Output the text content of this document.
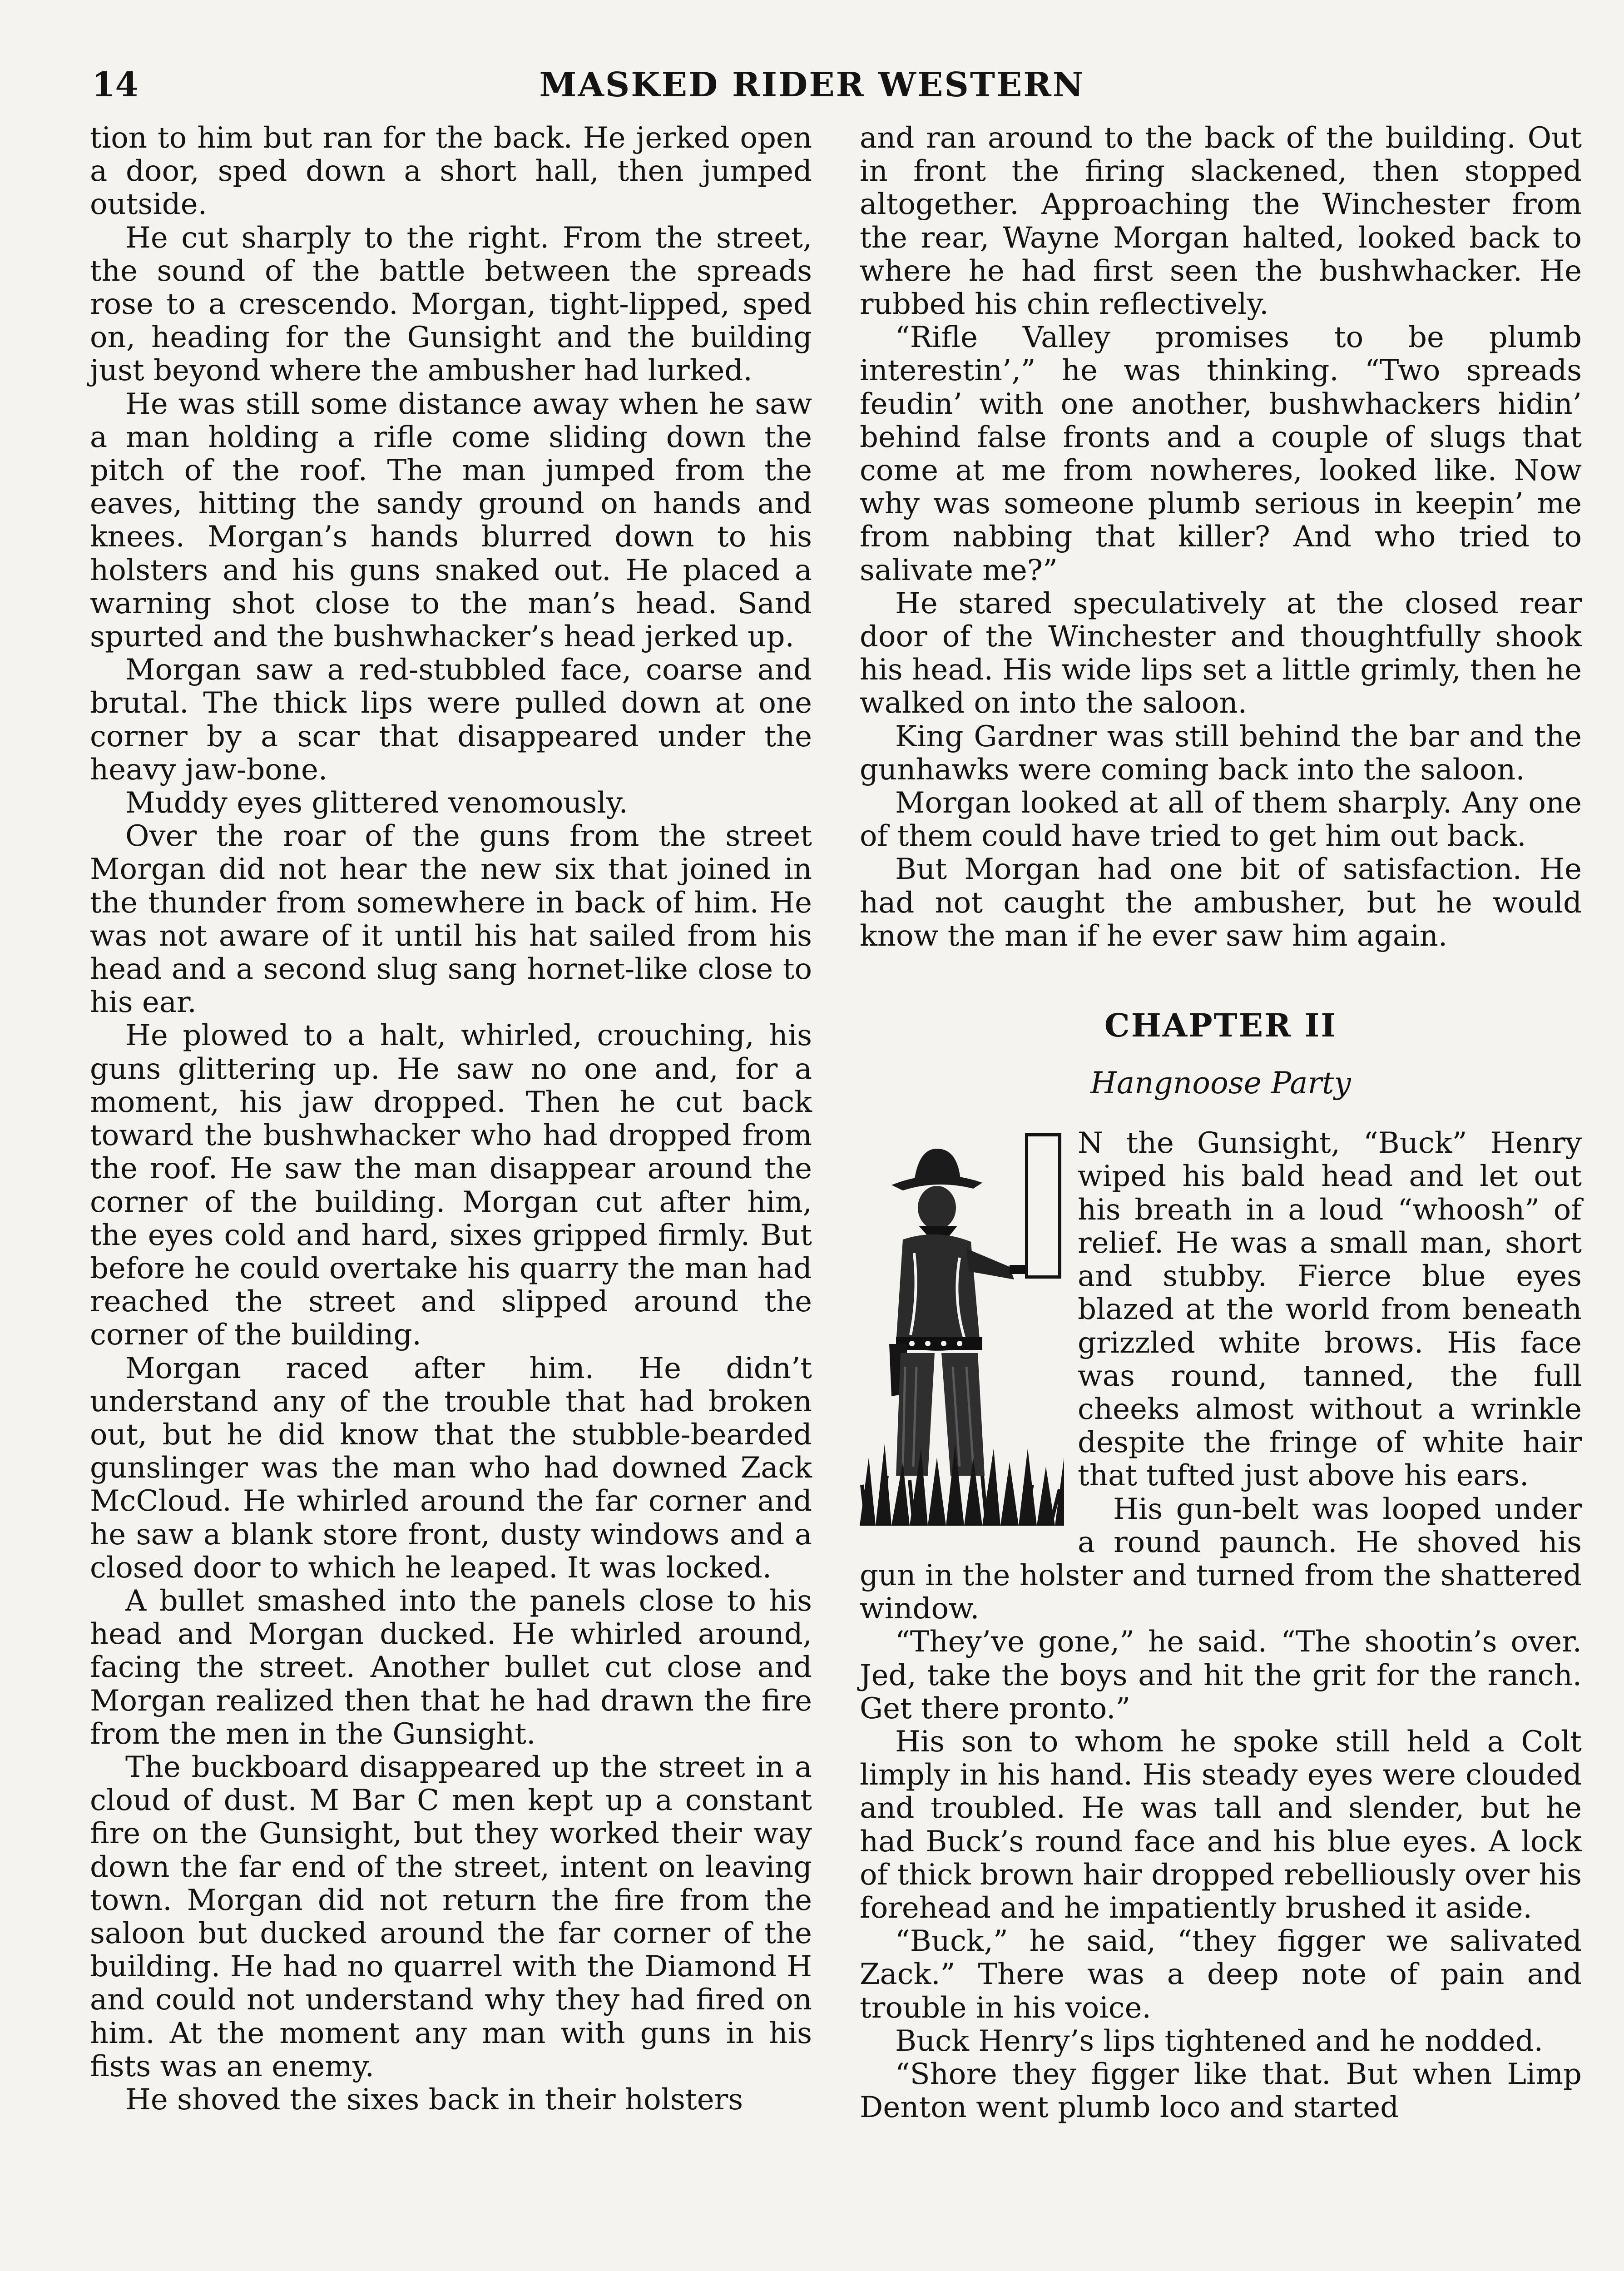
14	MASKED RIDER WESTERN

tion to him but ran for the back. He jerked open a door, sped down a short hall, then jumped outside.

He cut sharply to the right. From the street, the sound of the battle between the spreads rose to a crescendo. Morgan, tight-lipped, sped on, heading for the Gunsight and the building just beyond where the ambusher had lurked.

He was still some distance away when he saw a man holding a rifle come sliding down the pitch of the roof. The man jumped from the eaves, hitting the sandy ground on hands and knees. Morgan’s hands blurred down to his holsters and his guns snaked out. He placed a warning shot close to the man’s head. Sand spurted and the bushwhacker’s head jerked up.

Morgan saw a red-stubbled face, coarse and brutal. The thick lips were pulled down at one corner by a scar that disappeared under the heavy jaw-bone.

Muddy eyes glittered venomously.

Over the roar of the guns from the street Morgan did not hear the new six that joined in the thunder from somewhere in back of him. He was not aware of it until his hat sailed from his head and a second slug sang hornet-like close to his ear.

He plowed to a halt, whirled, crouching, his guns glittering up. He saw no one and, for a moment, his jaw dropped. Then he cut back toward the bushwhacker who had dropped from the roof. He saw the man disappear around the corner of the building. Morgan cut after him, the eyes cold and hard, sixes gripped firmly. But before he could overtake his quarry the man had reached the street and slipped around the corner of the building.

Morgan raced after him. He didn’t understand any of the trouble that had broken out, but he did know that the stubble-bearded gunslinger was the man who had downed Zack McCloud. He whirled around the far corner and he saw a blank store front, dusty windows and a closed door to which he leaped. It was locked.

A bullet smashed into the panels close to his head and Morgan ducked. He whirled around, facing the street. Another bullet cut close and Morgan realized then that he had drawn the fire from the men in the Gunsight.

The buckboard disappeared up the street in a cloud of dust. M Bar C men kept up a constant fire on the Gunsight, but they worked their way down the far end of the street, intent on leaving town. Morgan did not return the fire from the saloon but ducked around the far corner of the building. He had no quarrel with the Diamond H and could not understand why they had fired on him. At the moment any man with guns in his fists was an enemy.

He shoved the sixes back in their holsters

and ran around to the back of the building. Out in front the firing slackened, then stopped altogether. Approaching the Winchester from the rear, Wayne Morgan halted, looked back to where he had first seen the bushwhacker. He rubbed his chin reflectively.

“Rifle Valley promises to be plumb interestin’,” he was thinking. “Two spreads feudin’ with one another, bushwhackers hidin’ behind false fronts and a couple of slugs that come at me from nowheres, looked like. Now why was someone plumb serious in keepin’ me from nabbing that killer? And who tried to salivate me?”

He stared speculatively at the closed rear door of the Winchester and thoughtfully shook his head. His wide lips set a little grimly, then he walked on into the saloon.

King Gardner was still behind the bar and the gunhawks were coming back into the saloon.

Morgan looked at all of them sharply. Any one of them could have tried to get him out back.

But Morgan had one bit of satisfaction. He had not caught the ambusher, but he would know the man if he ever saw him again.

CHAPTER II

Hangnoose Party

N the Gunsight, “Buck” Henry wiped his bald head and let out his breath in a loud “whoosh” of relief. He was a small man, short and stubby. Fierce blue eyes blazed at the world from beneath grizzled white brows. His face was round, tanned, the full cheeks almost without a wrinkle despite the fringe of white hair that tufted just above his ears.

His gun-belt was looped under a round paunch. He shoved his gun in the holster and turned from the shattered window.

“They’ve gone,” he said. “The shootin’s over. Jed, take the boys and hit the grit for the ranch. Get there pronto.”

His son to whom he spoke still held a Colt limply in his hand. His steady eyes were clouded and troubled. He was tall and slender, but he had Buck’s round face and his blue eyes. A lock of thick brown hair dropped rebelliously over his forehead and he impatiently brushed it aside.

“Buck,” he said, “they figger we salivated Zack.” There was a deep note of pain and trouble in his voice.

Buck Henry’s lips tightened and he nodded.

“Shore they figger like that. But when Limp Denton went plumb loco and started
